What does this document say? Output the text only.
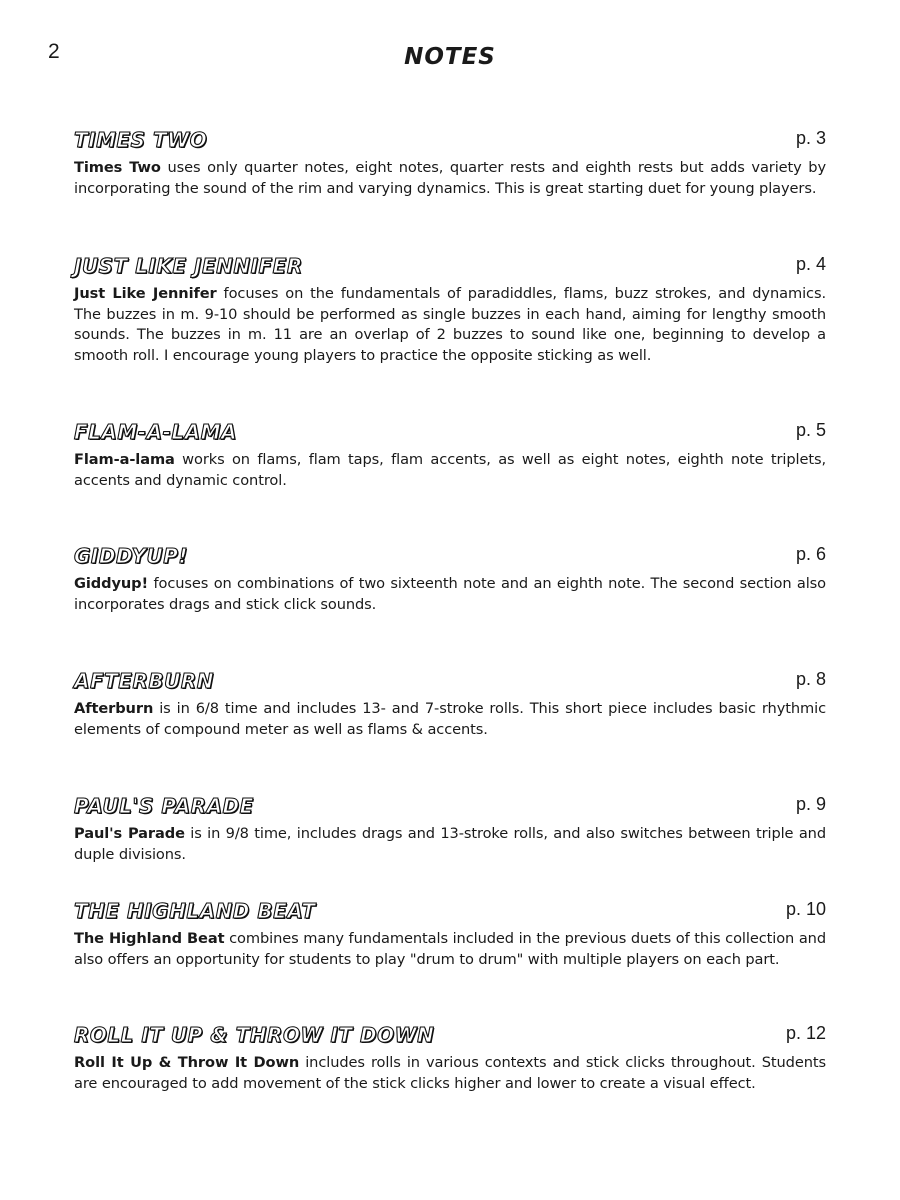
2	NOTES
TIMES TWO	p. 3
Times Two uses only quarter notes, eight notes, quarter rests and eighth rests but adds variety by incorporating the sound of the rim and varying dynamics. This is great starting duet for young players.
JUST LIKE JENNIFER	p. 4
Just Like Jennifer focuses on the fundamentals of paradiddles, flams, buzz strokes, and dynamics. The buzzes in m. 9-10 should be performed as single buzzes in each hand, aiming for lengthy smooth sounds. The buzzes in m. 11 are an overlap of 2 buzzes to sound like one, beginning to develop a smooth roll. I encourage young players to practice the opposite sticking as well.
FLAM-A-LAMA	p. 5
Flam-a-lama works on flams, flam taps, flam accents, as well as eight notes, eighth note triplets, accents and dynamic control.
GIDDYUP!	p. 6
Giddyup! focuses on combinations of two sixteenth note and an eighth note. The second section also incorporates drags and stick click sounds.
AFTERBURN	p. 8
Afterburn is in 6/8 time and includes 13- and 7-stroke rolls. This short piece includes basic rhythmic elements of compound meter as well as flams & accents.
PAUL'S PARADE	p. 9
Paul's Parade is in 9/8 time, includes drags and 13-stroke rolls, and also switches between triple and duple divisions.
THE HIGHLAND BEAT	p. 10
The Highland Beat combines many fundamentals included in the previous duets of this collection and also offers an opportunity for students to play "drum to drum" with multiple players on each part.
ROLL IT UP & THROW IT DOWN	p. 12
Roll It Up & Throw It Down includes rolls in various contexts and stick clicks throughout. Students are encouraged to add movement of the stick clicks higher and lower to create a visual effect.
